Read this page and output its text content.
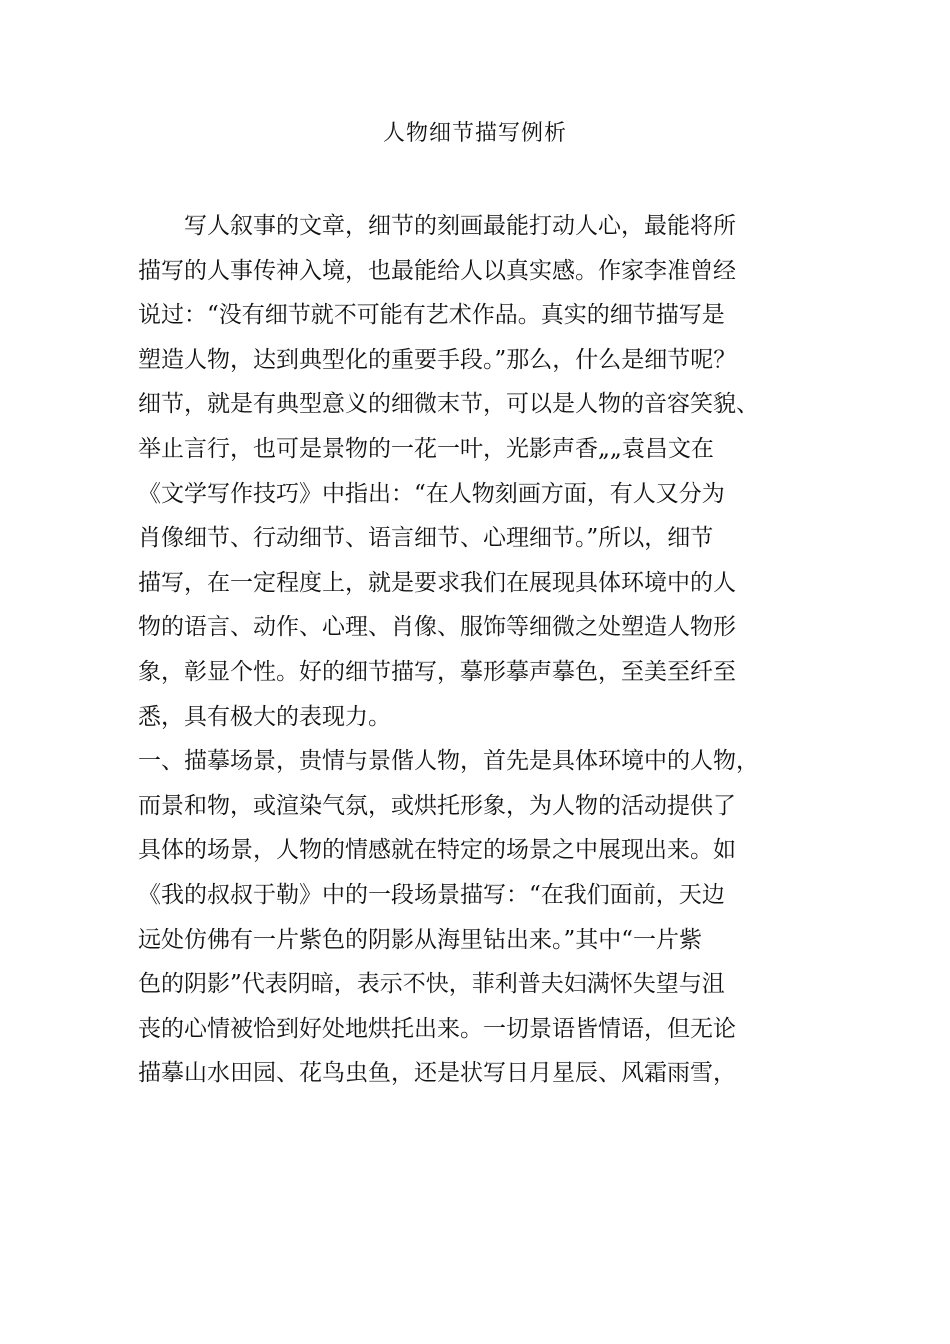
人物细节描写例析
写人叙事的文章，细节的刻画最能打动人心，最能将所
描写的人事传神入境，也最能给人以真实感。作家李准曾经
说过：“没有细节就不可能有艺术作品。真实的细节描写是
塑造人物，达到典型化的重要手段。”那么，什么是细节呢？
细节，就是有典型意义的细微末节，可以是人物的音容笑貌、
举止言行，也可是景物的一花一叶，光影声香„„袁昌文在
《文学写作技巧》中指出：“在人物刻画方面，有人又分为
肖像细节、行动细节、语言细节、心理细节。”所以，细节
描写，在一定程度上，就是要求我们在展现具体环境中的人
物的语言、动作、心理、肖像、服饰等细微之处塑造人物形
象，彰显个性。好的细节描写，摹形摹声摹色，至美至纤至
悉，具有极大的表现力。
一、描摹场景，贵情与景偕人物，首先是具体环境中的人物，
而景和物，或渲染气氛，或烘托形象，为人物的活动提供了
具体的场景，人物的情感就在特定的场景之中展现出来。如
《我的叔叔于勒》中的一段场景描写：“在我们面前，天边
远处仿佛有一片紫色的阴影从海里钻出来。”其中“一片紫
色的阴影”代表阴暗，表示不快，菲利普夫妇满怀失望与沮
丧的心情被恰到好处地烘托出来。一切景语皆情语，但无论
描摹山水田园、花鸟虫鱼，还是状写日月星辰、风霜雨雪，
